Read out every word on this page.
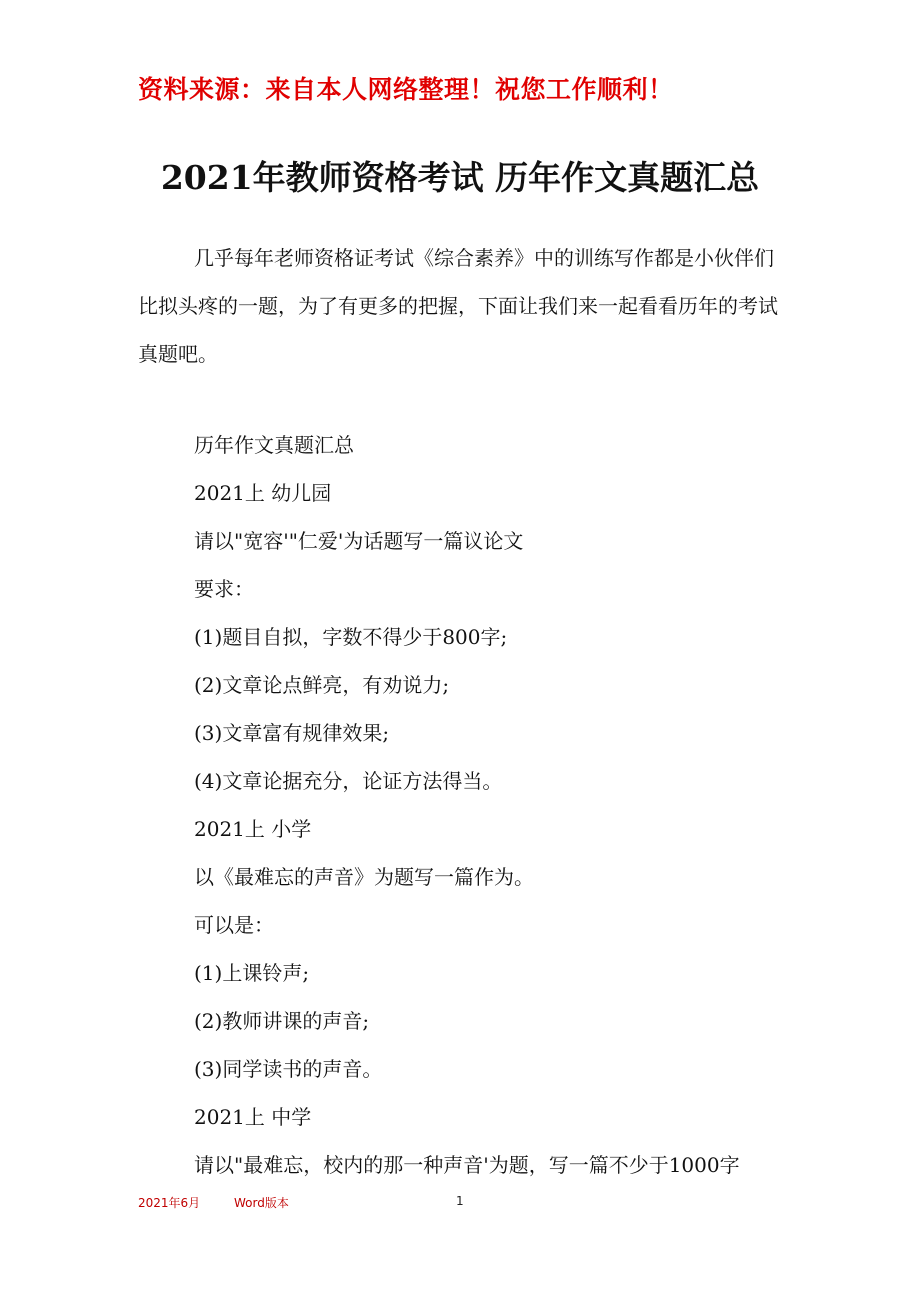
资料来源：来自本人网络整理！祝您工作顺利！
2021年教师资格考试 历年作文真题汇总
几乎每年老师资格证考试《综合素养》中的训练写作都是小伙伴们比拟头疼的一题，为了有更多的把握，下面让我们来一起看看历年的考试真题吧。
历年作文真题汇总
2021上 幼儿园
请以"宽容'"仁爱'为话题写一篇议论文
要求：
(1)题目自拟，字数不得少于800字;
(2)文章论点鲜亮，有劝说力;
(3)文章富有规律效果;
(4)文章论据充分，论证方法得当。
2021上 小学
以《最难忘的声音》为题写一篇作为。
可以是：
(1)上课铃声;
(2)教师讲课的声音;
(3)同学读书的声音。
2021上 中学
请以"最难忘，校内的那一种声音'为题，写一篇不少于1000字
2021年6月	Word版本	1
